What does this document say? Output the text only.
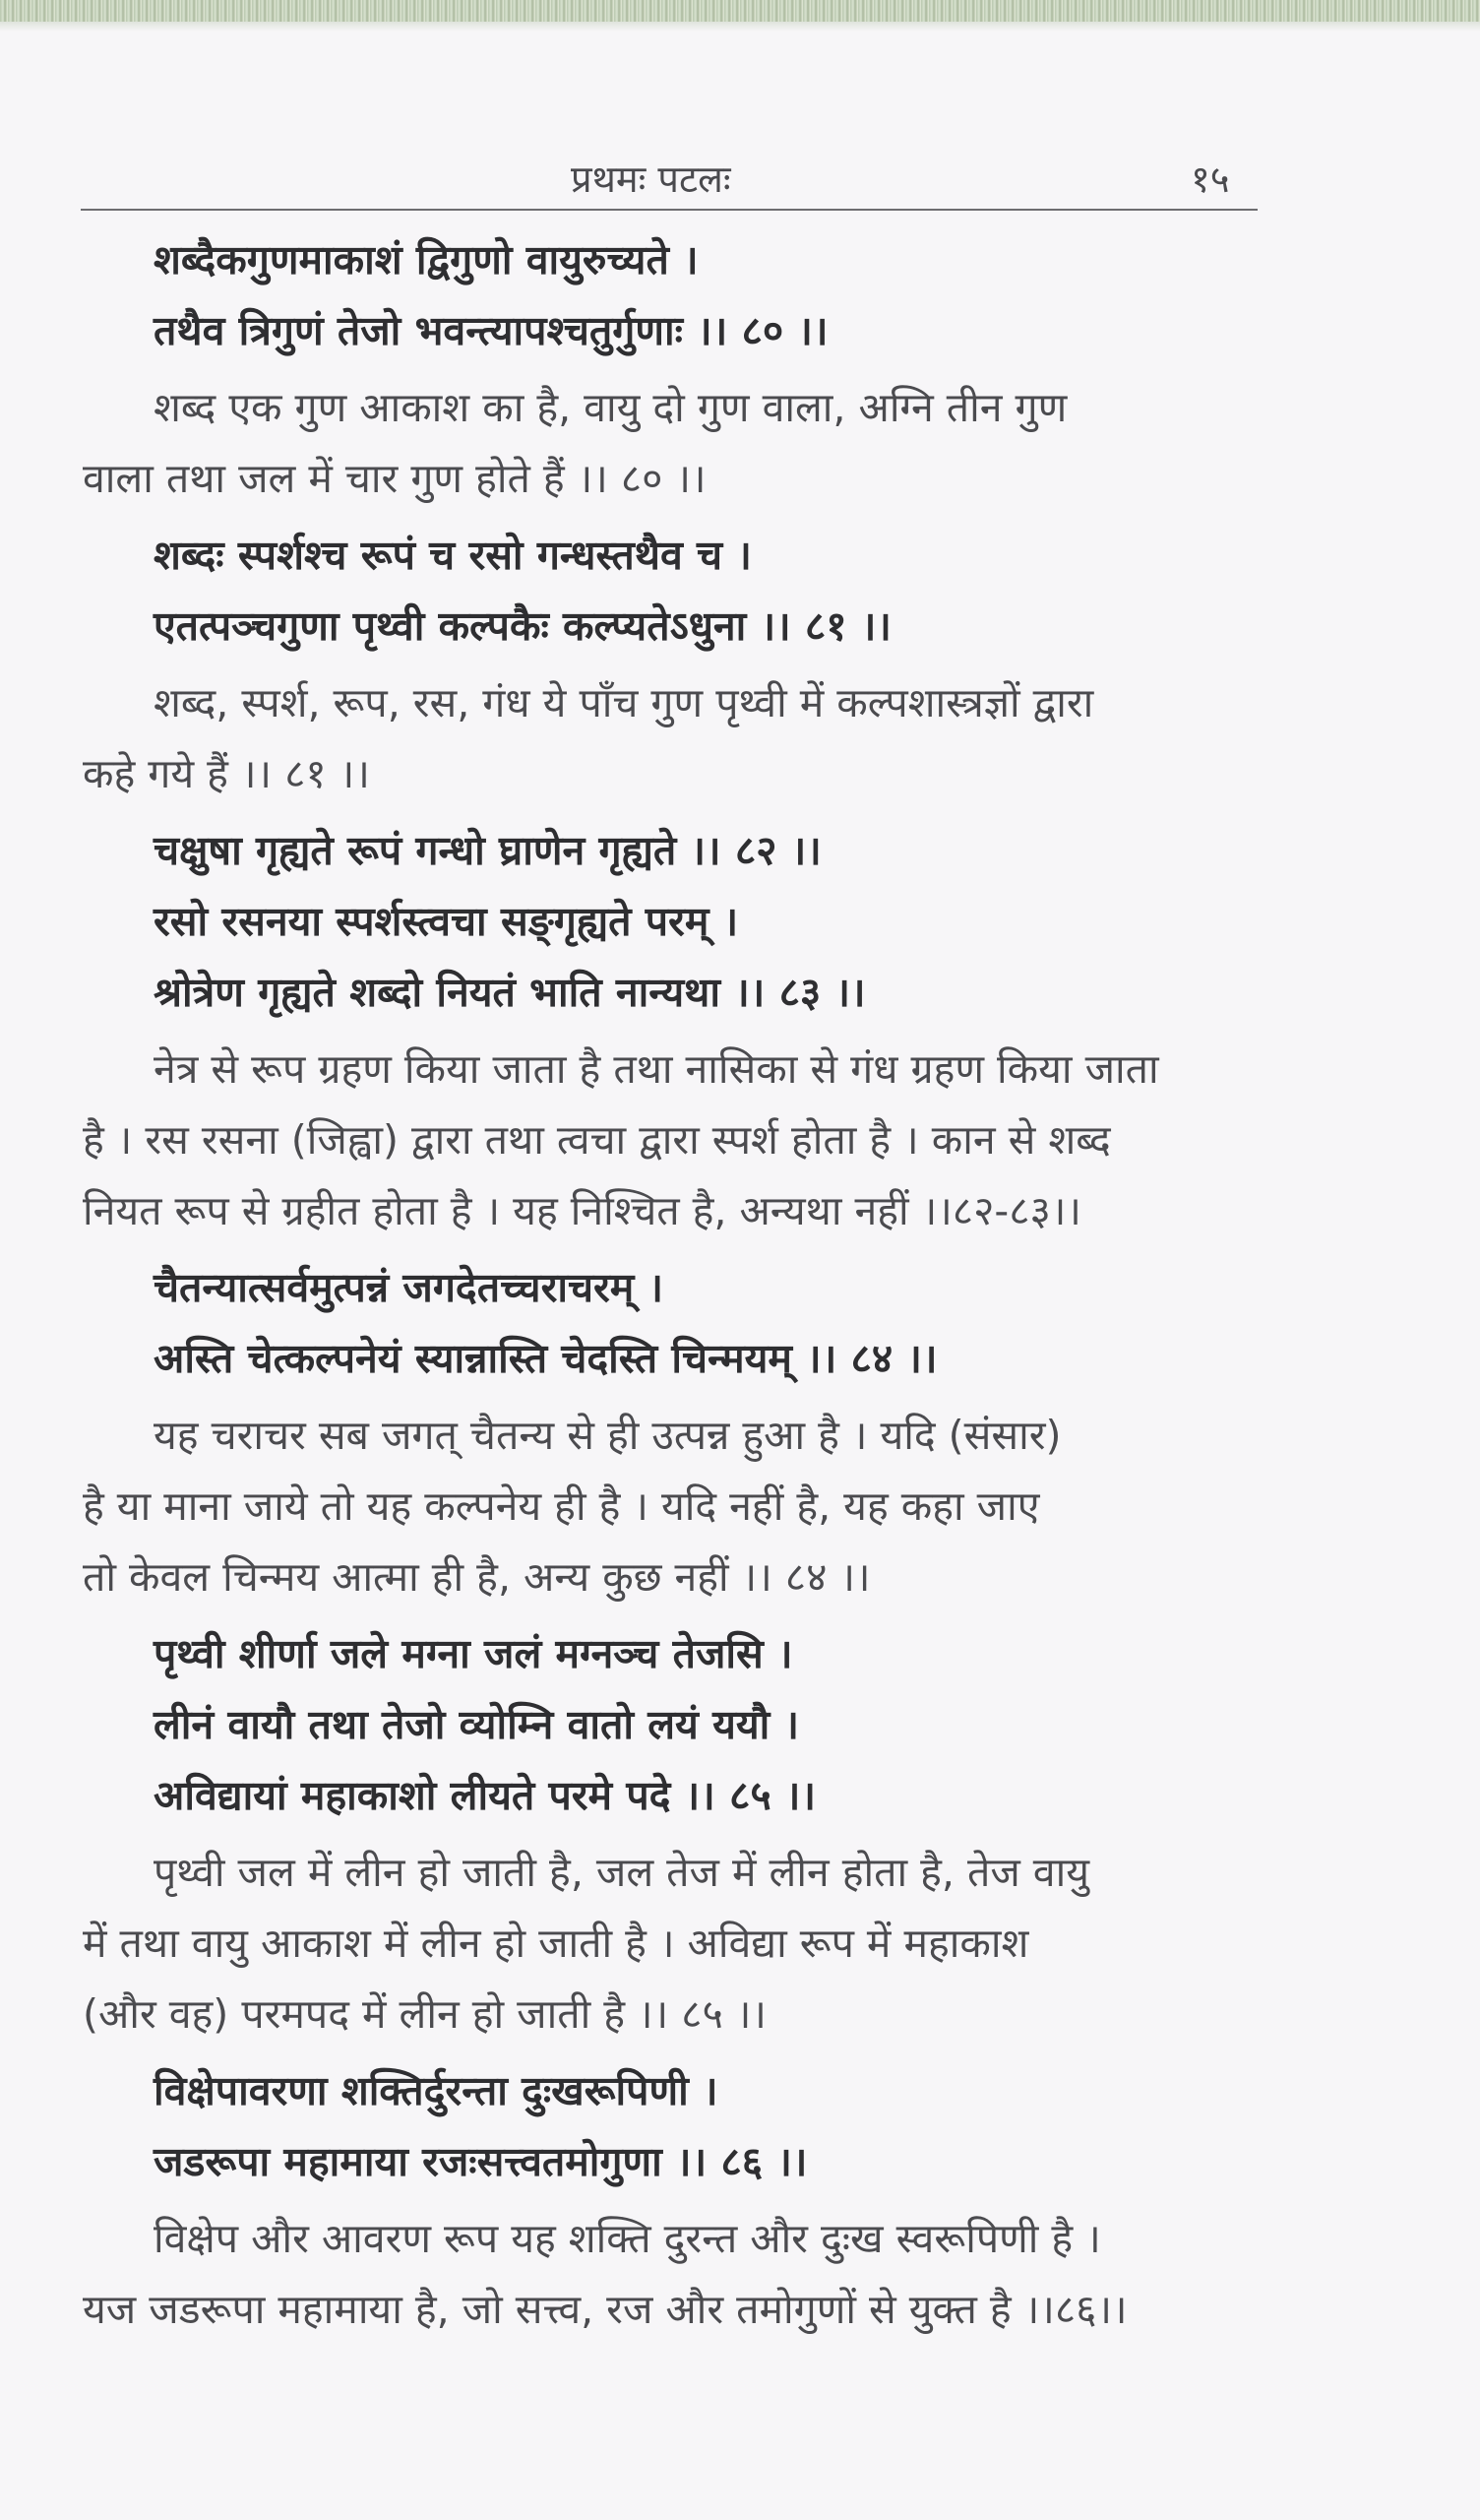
प्रथमः पटलः	१५
शब्दैकगुणमाकाशं द्विगुणो वायुरुच्यते ।
तथैव त्रिगुणं तेजो भवन्त्यापश्चतुर्गुणाः ।। ८० ।।
शब्द एक गुण आकाश का है, वायु दो गुण वाला, अग्नि तीन गुण
वाला तथा जल में चार गुण होते हैं ।। ८० ।।
शब्दः स्पर्शश्च रूपं च रसो गन्धस्तथैव च ।
एतत्पञ्चगुणा पृथ्वी कल्पकैः कल्प्यतेऽधुना ।। ८१ ।।
शब्द, स्पर्श, रूप, रस, गंध ये पाँच गुण पृथ्वी में कल्पशास्त्रज्ञों द्वारा
कहे गये हैं ।। ८१ ।।
चक्षुषा गृह्यते रूपं गन्धो घ्राणेन गृह्यते ।। ८२ ।।
रसो रसनया स्पर्शस्त्वचा सङ्गृह्यते परम् ।
श्रोत्रेण गृह्यते शब्दो नियतं भाति नान्यथा ।। ८३ ।।
नेत्र से रूप ग्रहण किया जाता है तथा नासिका से गंध ग्रहण किया जाता
है । रस रसना (जिह्वा) द्वारा तथा त्वचा द्वारा स्पर्श होता है । कान से शब्द
नियत रूप से ग्रहीत होता है । यह निश्चित है, अन्यथा नहीं ।।८२-८३।।
चैतन्यात्सर्वमुत्पन्नं जगदेतच्चराचरम् ।
अस्ति चेत्कल्पनेयं स्यान्नास्ति चेदस्ति चिन्मयम् ।। ८४ ।।
यह चराचर सब जगत् चैतन्य से ही उत्पन्न हुआ है । यदि (संसार)
है या माना जाये तो यह कल्पनेय ही है । यदि नहीं है, यह कहा जाए
तो केवल चिन्मय आत्मा ही है, अन्य कुछ नहीं ।। ८४ ।।
पृथ्वी शीर्णा जले मग्ना जलं मग्नञ्च तेजसि ।
लीनं वायौ तथा तेजो व्योम्नि वातो लयं ययौ ।
अविद्यायां महाकाशो लीयते परमे पदे ।। ८५ ।।
पृथ्वी जल में लीन हो जाती है, जल तेज में लीन होता है, तेज वायु
में तथा वायु आकाश में लीन हो जाती है । अविद्या रूप में महाकाश
(और वह) परमपद में लीन हो जाती है ।। ८५ ।।
विक्षेपावरणा शक्तिर्दुरन्ता दुःखरूपिणी ।
जडरूपा महामाया रजःसत्त्वतमोगुणा ।। ८६ ।।
विक्षेप और आवरण रूप यह शक्ति दुरन्त और दुःख स्वरूपिणी है ।
यज जडरूपा महामाया है, जो सत्त्व, रज और तमोगुणों से युक्त है ।।८६।।
